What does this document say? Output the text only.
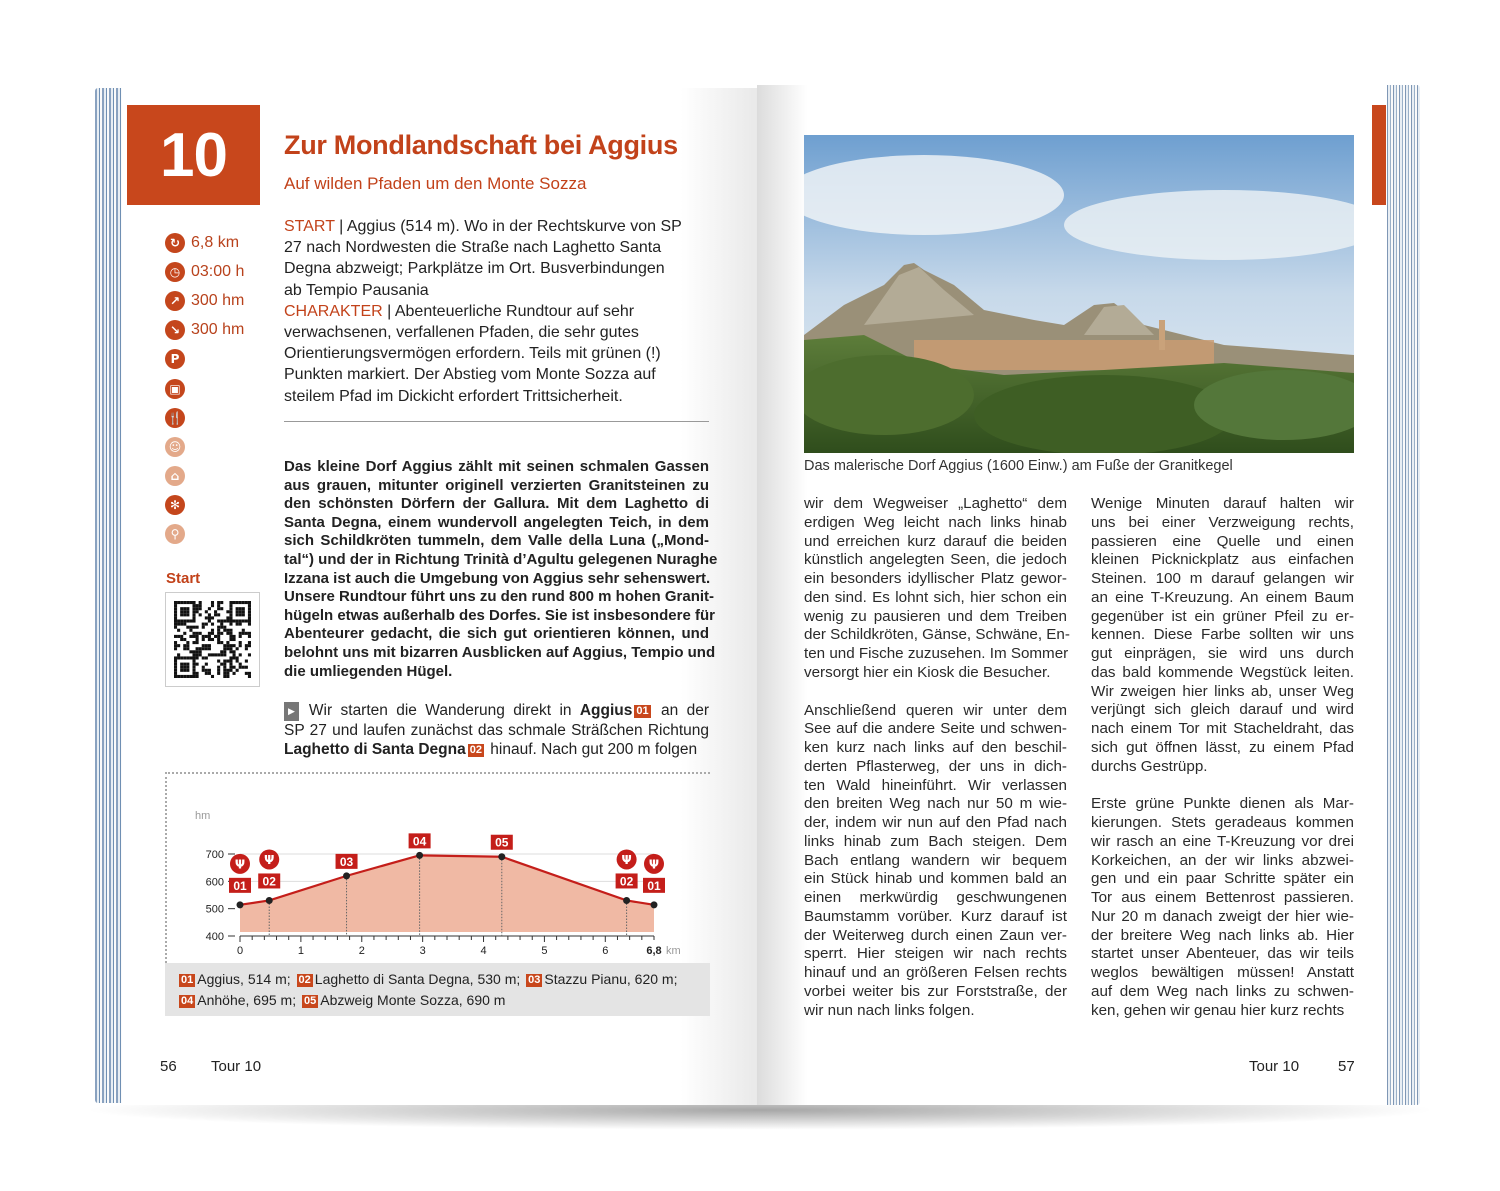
10	Zur Mondlandschaft bei Aggius
Auf wilden Pfaden um den Monte Sozza
↻ 6,8 km
◷ 03:00 h
↗ 300 hm
↘ 300 hm
P
▣
🍴
☺
⌂
✻
⚲
Start
START | Aggius (514 m). Wo in der Rechtskurve von SP
27 nach Nordwesten die Straße nach Laghetto Santa
Degna abzweigt; Parkplätze im Ort. Busverbindungen
ab Tempio Pausania
CHARAKTER | Abenteuerliche Rundtour auf sehr
verwachsenen, verfallenen Pfaden, die sehr gutes
Orientierungsvermögen erfordern. Teils mit grünen (!)
Punkten markiert. Der Abstieg vom Monte Sozza auf
steilem Pfad im Dickicht erfordert Trittsicherheit.
Das kleine Dorf Aggius zählt mit seinen schmalen Gassen
aus grauen, mitunter originell verzierten Granitsteinen zu
den schönsten Dörfern der Gallura. Mit dem Laghetto di
Santa Degna, einem wundervoll angelegten Teich, in dem
sich Schildkröten tummeln, dem Valle della Luna („Mond-
tal“) und der in Richtung Trinità d’Agultu gelegenen Nuraghe
Izzana ist auch die Umgebung von Aggius sehr sehenswert.
Unsere Rundtour führt uns zu den rund 800 m hohen Granit-
hügeln etwas außerhalb des Dorfes. Sie ist insbesondere für
Abenteurer gedacht, die sich gut orientieren können, und
belohnt uns mit bizarren Ausblicken auf Aggius, Tempio und
die umliegenden Hügel.
▶ Wir starten die Wanderung direkt in Aggius 01 an der
SP 27 und laufen zunächst das schmale Sträßchen Richtung
Laghetto di Santa Degna 02 hinauf. Nach gut 200 m folgen
hm
400
500
600
700
0	1	2	3	4	5	6	6,8 km
01
Ψ
02
Ψ	03
04	05
02
Ψ
01
Ψ
01 Aggius, 514 m; 02 Laghetto di Santa Degna, 530 m; 03 Stazzu Pianu, 620 m;
04 Anhöhe, 695 m; 05 Abzweig Monte Sozza, 690 m
56 Tour 10
Das malerische Dorf Aggius (1600 Einw.) am Fuße der Granitkegel
wir dem Wegweiser „Laghetto“ dem
erdigen Weg leicht nach links hinab
und erreichen kurz darauf die beiden
künstlich angelegten Seen, die jedoch
ein besonders idyllischer Platz gewor-
den sind. Es lohnt sich, hier schon ein
wenig zu pausieren und dem Treiben
der Schildkröten, Gänse, Schwäne, En-
ten und Fische zuzusehen. Im Sommer
versorgt hier ein Kiosk die Besucher.
Anschließend queren wir unter dem
See auf die andere Seite und schwen-
ken kurz nach links auf den beschil-
derten Pflasterweg, der uns in dich-
ten Wald hineinführt. Wir verlassen
den breiten Weg nach nur 50 m wie-
der, indem wir nun auf den Pfad nach
links hinab zum Bach steigen. Dem
Bach entlang wandern wir bequem
ein Stück hinab und kommen bald an
einen merkwürdig geschwungenen
Baumstamm vorüber. Kurz darauf ist
der Weiterweg durch einen Zaun ver-
sperrt. Hier steigen wir nach rechts
hinauf und an größeren Felsen rechts
vorbei weiter bis zur Forststraße, der
wir nun nach links folgen.
Wenige Minuten darauf halten wir
uns bei einer Verzweigung rechts,
passieren eine Quelle und einen
kleinen Picknickplatz aus einfachen
Steinen. 100 m darauf gelangen wir
an eine T-Kreuzung. An einem Baum
gegenüber ist ein grüner Pfeil zu er-
kennen. Diese Farbe sollten wir uns
gut einprägen, sie wird uns durch
das bald kommende Wegstück leiten.
Wir zweigen hier links ab, unser Weg
verjüngt sich gleich darauf und wird
nach einem Tor mit Stacheldraht, das
sich gut öffnen lässt, zu einem Pfad
durchs Gestrüpp.
Erste grüne Punkte dienen als Mar-
kierungen. Stets geradeaus kommen
wir rasch an eine T-Kreuzung vor drei
Korkeichen, an der wir links abzwei-
gen und ein paar Schritte später ein
Tor aus einem Bettenrost passieren.
Nur 20 m danach zweigt der hier wie-
der breitere Weg nach links ab. Hier
startet unser Abenteuer, das wir teils
weglos bewältigen müssen! Anstatt
auf dem Weg nach links zu schwen-
ken, gehen wir genau hier kurz rechts
Tour 10	57
